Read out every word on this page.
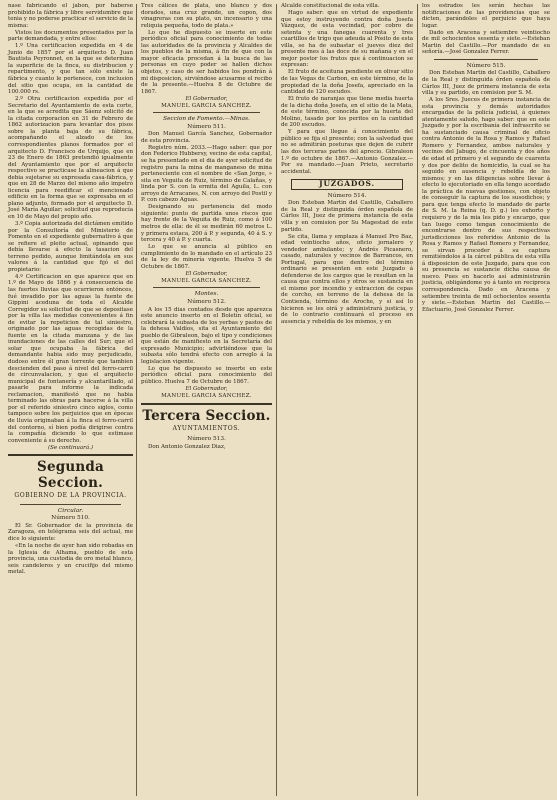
nase fabricando el jabon, por haberse prohibido la fábrica y libre servidumbre que tenia y no poderse practicar el servicio de la misma:

Vistos los documentos presentados por la parte demandada, y entre ellos:

1.º Una certificacion expedida en 4 de Junio de 1857 por el arquitecto D. Juan Bautista Peyronnet, en la que se determina la superficie de la finca, su distribucion y repartimento, y que tan sólo existe la fábrica y cuanto le pertenece, con inclusion del sitio que ocupa, en la cantidad de 100.000 rs.

2.º Otra certificacion expedida por el Secretario del Ayuntamiento de esta corte, en la que se acredita que Sáenz solicitó de la citada corporacion en 31 de Febrero de 1862 autorizacion para levantar dos pisos sobre la planta baja de su fábrica, acompañando el alzado de los correspondientes planos formados por el arquitecto D. Francisco de Urquijo, que en 23 de Enero de 1863 pretendió igualmente del Ayuntamiento que por el arquitecto respectivo se practicase la alineacion á que debia sujetarse su expresada casa-fábrica, y que en 28 de Marzo del mismo año impetró licencia para reedificar el mencionado edificio en la forma que se expresaba en el plano adjunto, formado por el arquitecto D. José María Aguilar; solicitud que reproducía en 10 de Mayo del propio año.

3.º Copia autorizada del dictámen emitido por la Consultoría del Ministerio de Fomento en el expediente gubernativo á que se refiere el pleito actual, opinando que debía llevarse á efecto la tasacion del terreno pedido, aunque limitándola en sus valores á la cantidad que fijó el del propietario:

4.º Certificacion en que aparece que en 1.º de Mayo de 1866 y á consecuencia de las fuertes lluvias que ocurrieron entónces, fué invadido por las aguas la fuente de Gippini aceduna de toda el Alcalde Corregidor su solicitud de que se depositase por la villa las medidas convenientes á fin de evitar la repeticion de tal siniestro, originado por las aguas recogidas de la fuente en la citada manzana y de las inundaciones de las calles del Sur; que el solar que ocupaba la fábrica del demandante habia sido muy perjudicado, dudoso entre él gran torrente que tambien descienden del paso á nivel del ferro-carril de circunvalacion, y que el arquitecto municipal de fontanería y alcantarillado, al pasarle para informe la indicada reclamacion, manifestó que no habia terminado las obras para hacerse á la villa por el referido siniestro cinco siglos, como tampoco sobre los perjuicios que en épocas de lluvia originaban á la finca el ferro-carril del contorno, sí bien podía dirigirse contra la compañía diciendo lo que estimase conveniente á su derecho.

(Se continuará.)

Segunda Seccion.
GOBIERNO DE LA PROVINCIA.
Circular.
Número 510.

El Sr. Gobernador de la provincia de Zaragoza, en telégrama seis del actual, me dice lo siguiente:

«En la noche de ayer han sido robadas en la Iglesia de Alhama, pueblo de esta provincia, una custodia de oro metal blanco, seis candeleros y un crucifijo del mismo metal.

Tres cálices de plata, uno blanco y dos dorados, una cruz grande, un copon, dos vinagreras con su plato, un incensario y una reliquia pequeña, todo de plata.»

Lo que he dispuesto se inserte en este periódico oficial para conocimiento de todas las autoridades de la provincia y Alcaldes de los pueblos de la misma, á fin de que con la mayor eficacia procedan á la busca de las personas en cuyo poder se hallen dichos objetos, y caso de ser habidos los pondrán á mi disposicion, sirviéndose acusarme el recibo de la presente.—Huelva 8 de Octubre de 1867.

El Gobernador,

MANUEL GARCIA SANCHEZ.

Seccion de Fomento.—Minas.
Número 511.

Don Manuel García Sanchez, Gobernador de esta provincia.

Registro núm. 2033.—Hago saber: que por don Federico Hubbersy, vecino de esta capital, se ha presentado en el dia de ayer solicitud de registro para la mina de manganeso de mina perteneciente con el nombre de «San Jorge, » sita en Veguita de Ruiz, término de Calañas, y linda por S. con la ermita del Aguila, L. con arroyo de Arracanes, N. con arroyo del Postil y P. con cabezo Aguas.

Designando su pertenencia del modo siguiente: punto de partida unos riscos que hay frente de la Veguita de Ruiz, como á 100 metros de ella: de él se medirán 60 metros L. y primera estaca, 200 á P. y segunda, 40 á S. y tercera y 40 á P. y cuarta.

Lo que se anuncia al público en cumplimiento de lo mandado en el artículo 23 de la ley de minería vigente. Huelva 5 de Octubre de 1867.

El Gobernador,

MANUEL GARCIA SANCHEZ.

Montes.
Número 512.

A los 15 dias contados desde que aparezca este anuncio inserto en el Boletín oficial, se celebrará la subasta de los yerbas y pastos de la dehesa Valdíos, sita el Ayuntamiento del pueblo de Gibraleon, bajo el tipo y condiciones que están de manifiesto en la Secretaría del expresado Municipio; advirtiéndose que la subasta sólo tendrá efecto con arreglo á la legislacion vigente.

Lo que he dispuesto se inserte en este periódico oficial para conocimiento del público. Huelva 7 de Octubre de 1867.

El Gobernador,

MANUEL GARCIA SANCHEZ.

Tercera Seccion.
AYUNTAMIENTOS.
Número 513.

Don Antonio Gonzalez Diaz,

Alcalde constitucional de esta villa.

Hago saber: que en virtud de expediente que estoy instruyendo contra doña Josefa Vázquez, de esta vecindad, por cobro de setenta y una fanegas cuarenta y tres cuartillos de trigo que adeuda al Pósito de esta villa, se ha de subastar el jueves diez del presente mes á las doce de su mañana y en el mejor postor los frutos que á continuacion se expresan:

El fruto de aceituna pendiente en olivar sitio de las Vegas de Carbon, en este término, de la propiedad de la doña Josefa, apreciado en la cantidad de 120 escudos.

El fruto de naranjas que tiene media huerta de la dicha doña Josefa, en el sitio de la Mata, de este término, conocida por la huerta del Molino, tasado por los peritos en la cantidad de 200 escudos.

Y para que llegue á conocimiento del público se fija el presente; con la salvedad que no se admitirán posturas que dejen de cubrir las dos terceras partes del aprecio. Gibraleon 1.º de octubre de 1867.—Antonio Gonzalez.—Por su mandado.—Juan Prieto, secretario accidental.

JUZGADOS.
Número 514.

Don Esteban Martin del Castillo, Caballero de la Real y distinguida órden española de Cárlos III, Juez de primera instancia de esta villa y en comision por Su Magestad de este partido.

Se cita, llama y emplaza á Manuel Pro Baz, edad veintiocho años, oficio jornalero y vendedor ambulante; y Andrés Picasnero, casado, naturales y vecinos de Barrancos, en Portugal, para que dentro del término ordinario se presenten en este Juzgado á defenderse de los cargos que le resultan en la causa que contra ellos y otros se sustancia en el mismo por incendio y extraccion de cepas de corcho, en terreno de la dehesa de la Contienda, término de Aroche, y si así lo hicieren se les oirá y administrará justicia, y de lo contrario continuará el proceso en ausencia y rebeldía de los mismos, y en

los estrados les serán hechas las notificaciones de las providencias que se dicten, parándoles el perjuicio que haya lugar.

Dado en Aracena y setiembre veintiocho de mil ochocientos sesenta y siete.—Esteban Martin del Castillo.—Por mandado de su señoría.—José Gonzalez Ferrer.

Número 515.

Don Esteban Martin del Castillo, Caballero de la Real y distinguida órden española de Cárlos III, Juez de primera instancia de esta villa y su partido, en comision por S. M.

A los Sres. Jueces de primera instancia de esta provincia y demás autoridades encargadas de la policía judicial, á quienes atentamente saludo, hago saber: que en este Juzgado y por la escribanía del infrascrito se ha sustanciado causa criminal de oficio contra Antonio de la Rosa y Ramos y Rafael Romero y Fernandez, ambos naturales y vecinos del Jabugo, de cincuenta y dos años de edad el primero y el segundo de cuarenta y dos por delito de homicidio, la cual se ha seguido en ausencia y rebeldía de los mismos; y en las diligencias sobre llevar á efecto lo ejecutoriado en ella tengo acordado la práctica de nuevas gestiones, con objeto de conseguir la captura de los susodichos; y para que tenga efecto lo mandado de parte de S. M. la Reina (q. D. g.) les exhorto y requiero y de la mia les pido y encargo, que tan luego como tengan conocimiento de encontrarse dentro de sus respectivas jurisdicciones los referidos Antonio de la Rosa y Ramos y Rafael Romero y Fernandez, se sirvan proceder á su captura remitiéndolos á la cárcel pública de esta villa á disposicion de este Juzgado, para que con su presencia se sustancie dicha causa de nuevo. Pues en hacerlo así administrarán justicia, obligándome yo á tanto en reciproca correspondencia. Dado en Aracena y setiembre treinta de mil ochocientos sesenta y siete.—Esteban Martin del Castillo.—Efactuario, José Gonzalez Ferrer.
